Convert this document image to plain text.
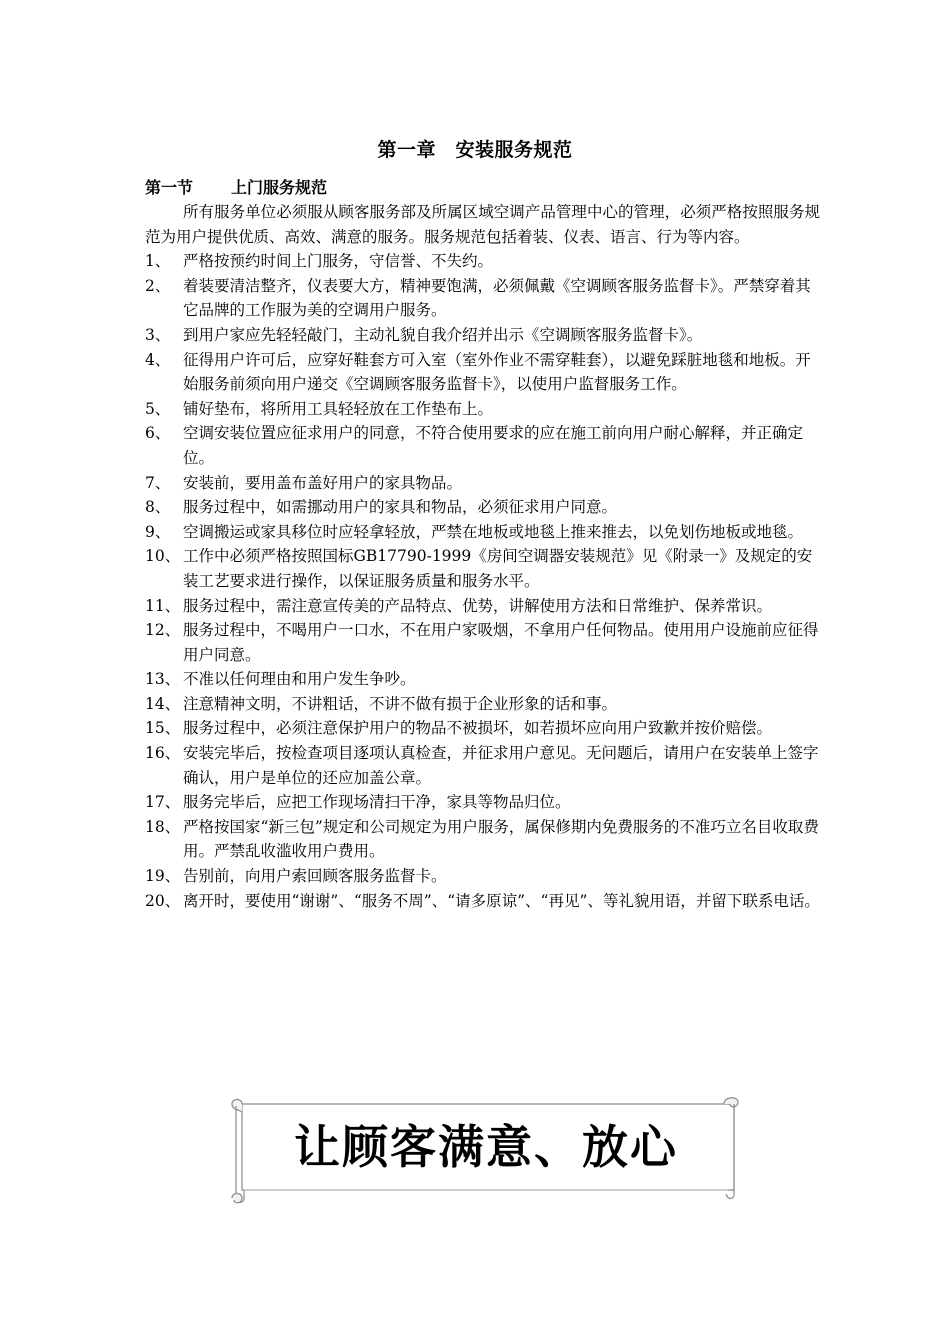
第一章　安装服务规范
第一节 上门服务规范

所有服务单位必须服从顾客服务部及所属区域空调产品管理中心的管理，必须严格按照服务规范为用户提供优质、高效、满意的服务。服务规范包括着装、仪表、语言、行为等内容。

1、 严格按预约时间上门服务，守信誉、不失约。
2、 着装要清洁整齐，仪表要大方，精神要饱满，必须佩戴《空调顾客服务监督卡》。严禁穿着其它品牌的工作服为美的空调用户服务。
3、 到用户家应先轻轻敲门，主动礼貌自我介绍并出示《空调顾客服务监督卡》。
4、 征得用户许可后，应穿好鞋套方可入室（室外作业不需穿鞋套），以避免踩脏地毯和地板。开始服务前须向用户递交《空调顾客服务监督卡》，以使用户监督服务工作。
5、 铺好垫布，将所用工具轻轻放在工作垫布上。
6、 空调安装位置应征求用户的同意，不符合使用要求的应在施工前向用户耐心解释，并正确定位。
7、 安装前，要用盖布盖好用户的家具物品。
8、 服务过程中，如需挪动用户的家具和物品，必须征求用户同意。
9、 空调搬运或家具移位时应轻拿轻放，严禁在地板或地毯上推来推去，以免划伤地板或地毯。
10、 工作中必须严格按照国标GB17790-1999《房间空调器安装规范》见《附录一》及规定的安装工艺要求进行操作，以保证服务质量和服务水平。
11、 服务过程中，需注意宣传美的产品特点、优势，讲解使用方法和日常维护、保养常识。
12、 服务过程中，不喝用户一口水，不在用户家吸烟，不拿用户任何物品。使用用户设施前应征得用户同意。
13、 不准以任何理由和用户发生争吵。
14、 注意精神文明，不讲粗话，不讲不做有损于企业形象的话和事。
15、 服务过程中，必须注意保护用户的物品不被损坏，如若损坏应向用户致歉并按价赔偿。
16、 安装完毕后，按检查项目逐项认真检查，并征求用户意见。无问题后，请用户在安装单上签字确认，用户是单位的还应加盖公章。
17、 服务完毕后，应把工作现场清扫干净，家具等物品归位。
18、 严格按国家“新三包”规定和公司规定为用户服务，属保修期内免费服务的不准巧立名目收取费用。严禁乱收滥收用户费用。
19、 告别前，向用户索回顾客服务监督卡。
20、 离开时，要使用“谢谢”、“服务不周”、“请多原谅”、“再见”、等礼貌用语，并留下联系电话。
让顾客满意、放心
